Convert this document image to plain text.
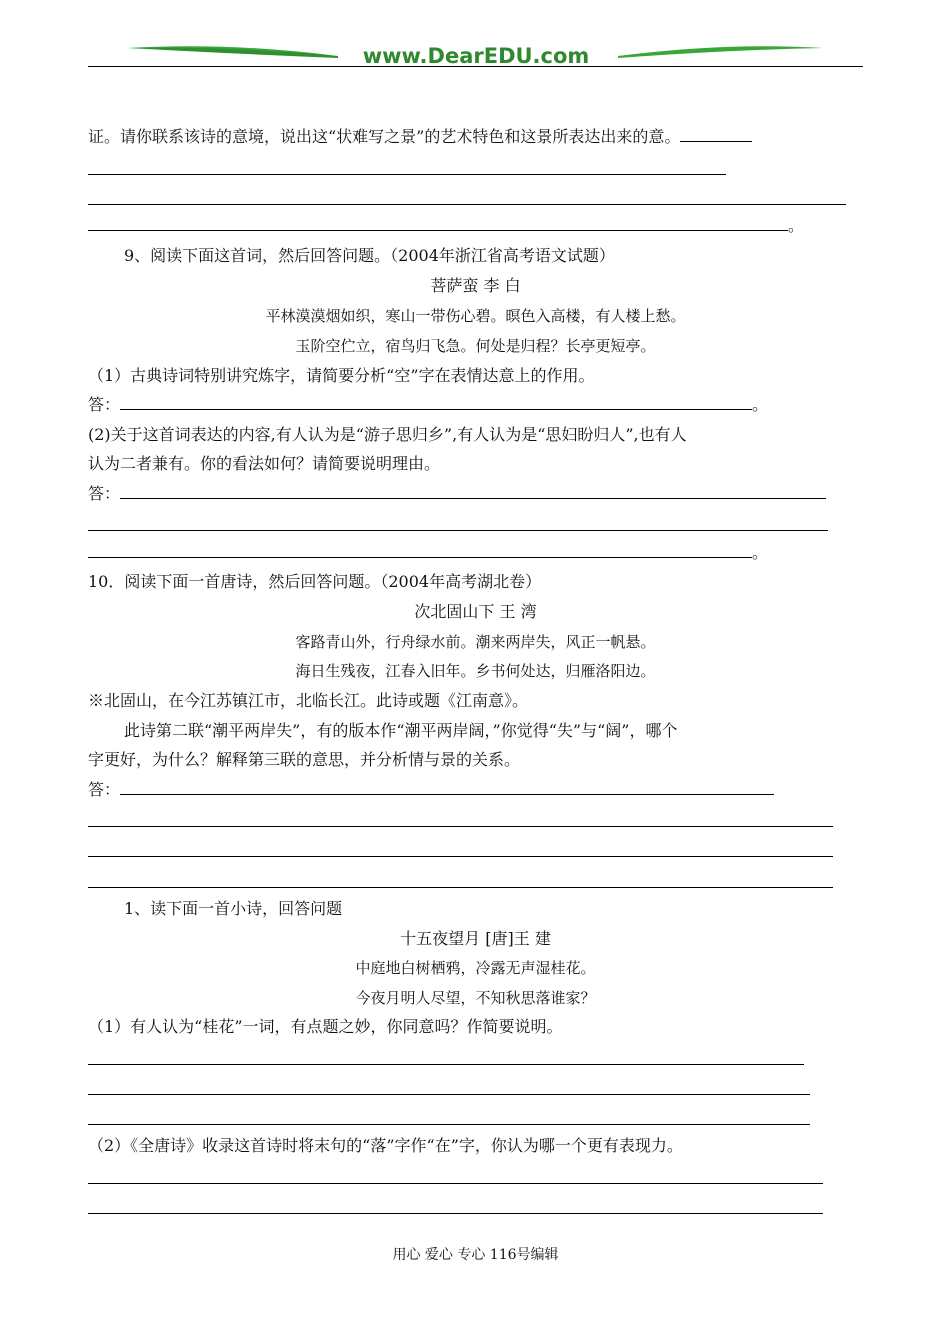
www.DearEDU.com
证。请你联系该诗的意境，说出这“状难写之景”的艺术特色和这景所表达出来的意。
。
9、阅读下面这首词，然后回答问题。（2004年浙江省高考语文试题）
菩萨蛮 李 白
平林漠漠烟如织，寒山一带伤心碧。暝色入高楼，有人楼上愁。
玉阶空伫立，宿鸟归飞急。何处是归程？长亭更短亭。
（1）古典诗词特别讲究炼字，请简要分析“空”字在表情达意上的作用。
答：	。
(2)关于这首词表达的内容,有人认为是“游子思归乡”,有人认为是“思妇盼归人”,也有人
认为二者兼有。你的看法如何？请简要说明理由。
答：
。
10．阅读下面一首唐诗，然后回答问题。（2004年高考湖北卷）
次北固山下 王 湾
客路青山外，行舟绿水前。潮来两岸失，风正一帆悬。
海日生残夜，江春入旧年。乡书何处达，归雁洛阳边。
※北固山，在今江苏镇江市，北临长江。此诗或题《江南意》。
此诗第二联“潮平两岸失”，有的版本作“潮平两岸阔，”你觉得“失”与“阔”，哪个
字更好，为什么？解释第三联的意思，并分析情与景的关系。
答：
1、读下面一首小诗，回答问题
十五夜望月 [唐]王 建
中庭地白树栖鸦，冷露无声湿桂花。
今夜月明人尽望，不知秋思落谁家？
（1）有人认为“桂花”一词，有点题之妙，你同意吗？作简要说明。
（2）《全唐诗》收录这首诗时将末句的“落”字作“在”字，你认为哪一个更有表现力。
用心 爱心 专心 116号编辑
